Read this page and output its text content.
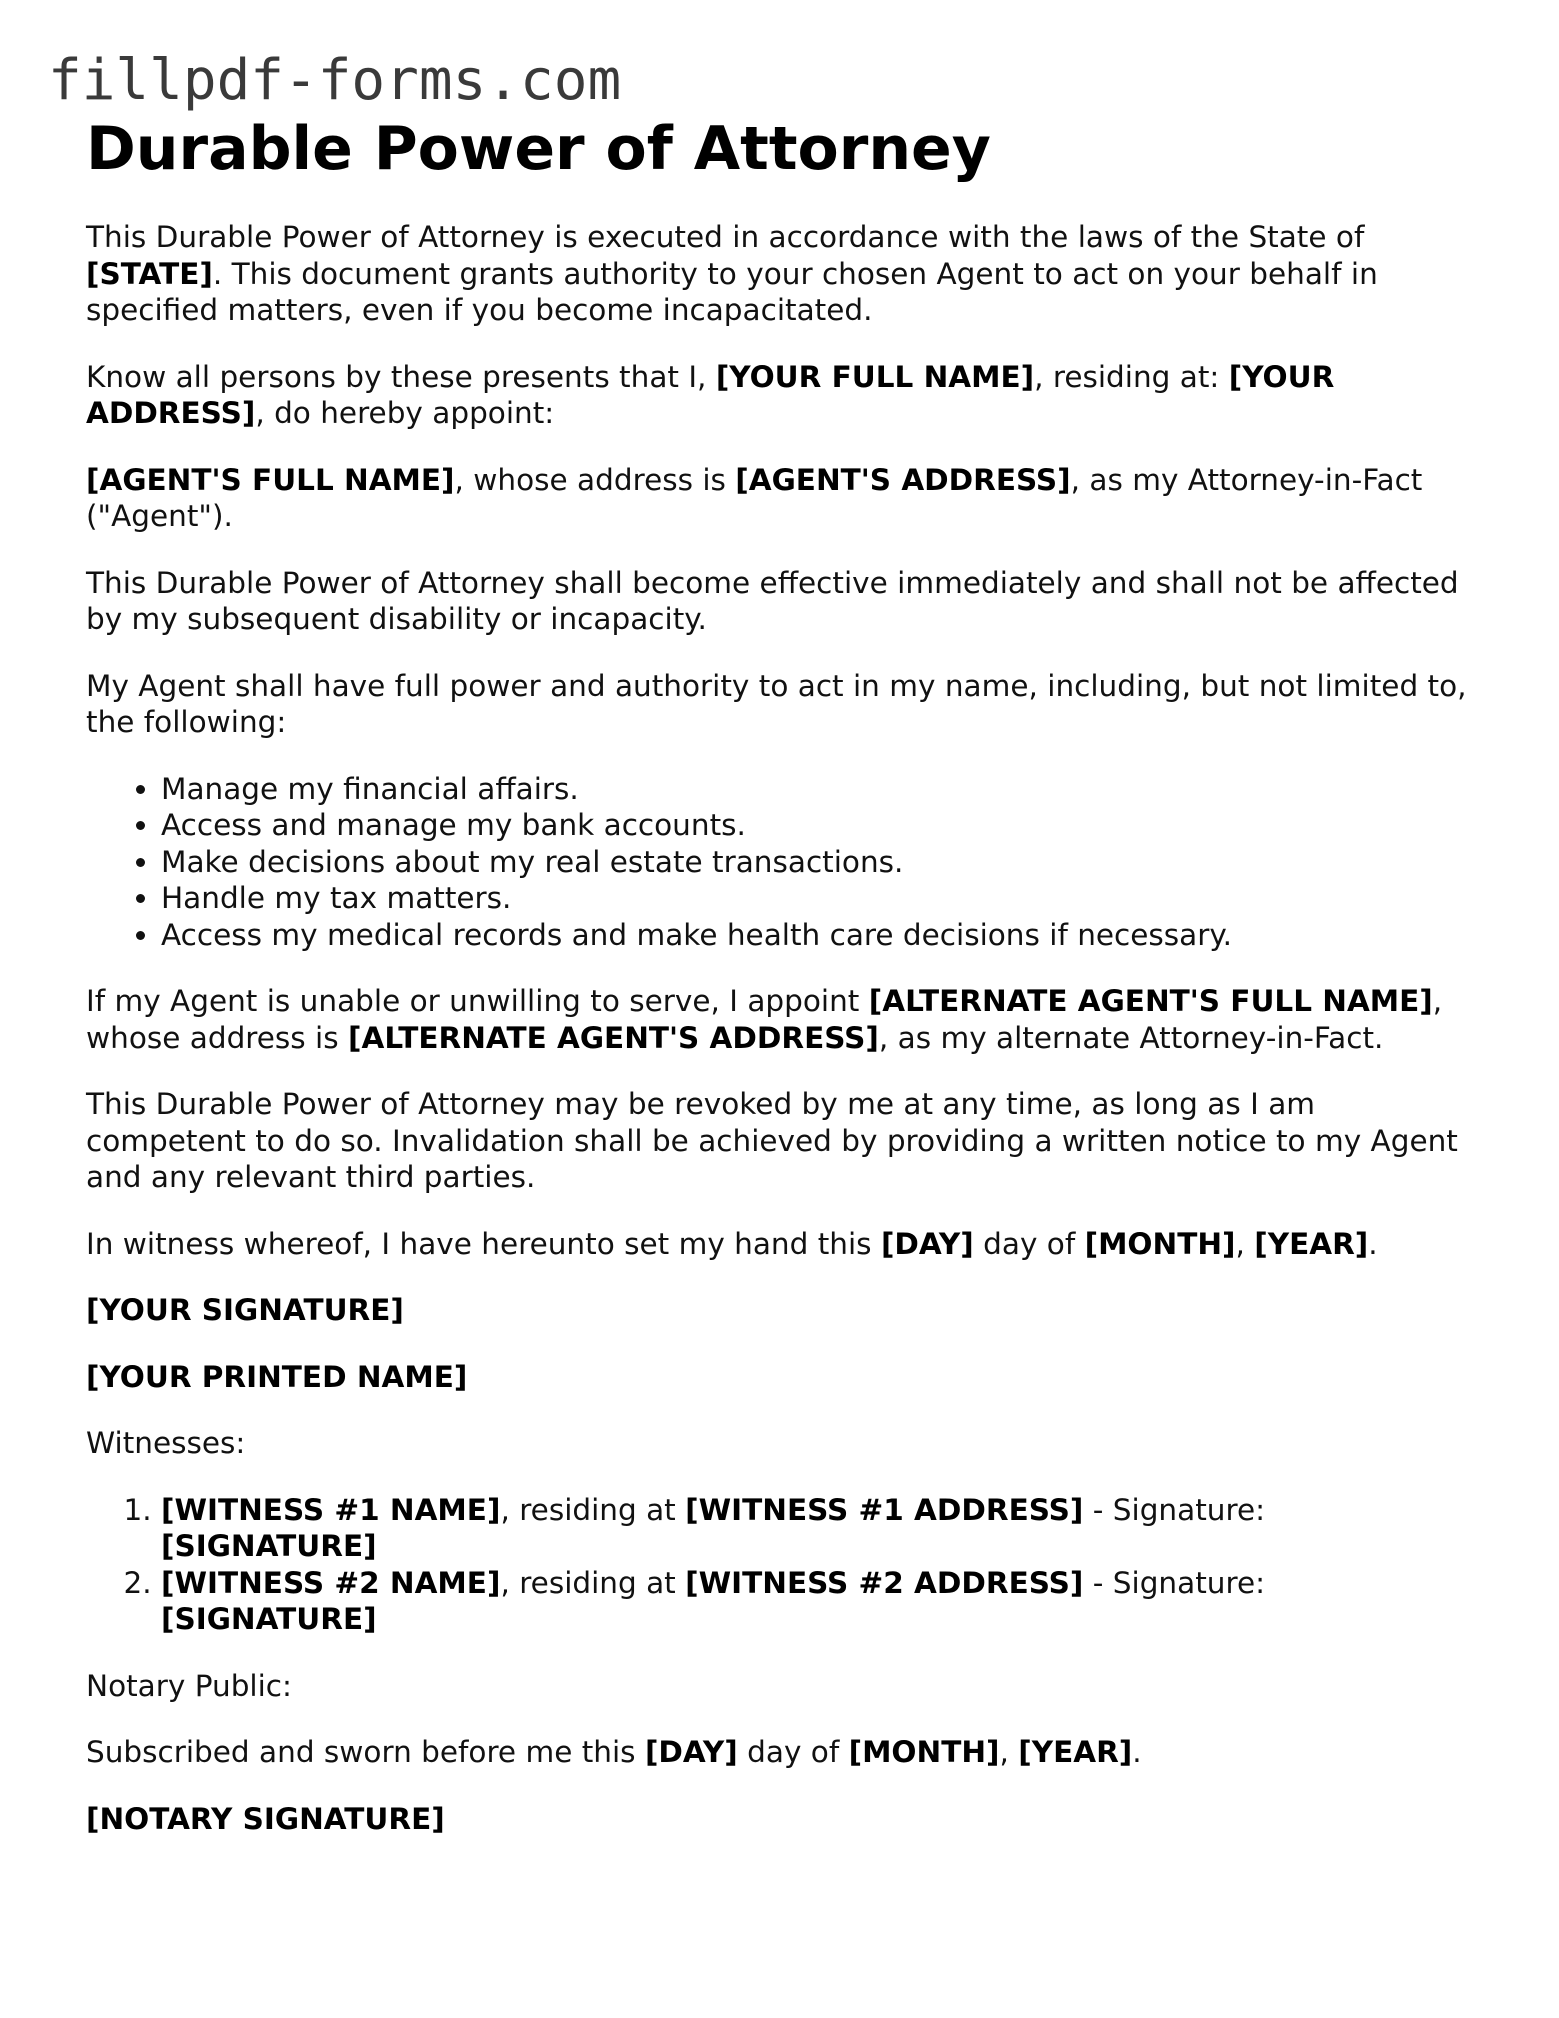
fillpdf-forms.com
Durable Power of Attorney

This Durable Power of Attorney is executed in accordance with the laws of the State of [STATE]. This document grants authority to your chosen Agent to act on your behalf in specified matters, even if you become incapacitated.

Know all persons by these presents that I, [YOUR FULL NAME], residing at: [YOUR ADDRESS], do hereby appoint:

[AGENT'S FULL NAME], whose address is [AGENT'S ADDRESS], as my Attorney-in-Fact ("Agent").

This Durable Power of Attorney shall become effective immediately and shall not be affected by my subsequent disability or incapacity.

My Agent shall have full power and authority to act in my name, including, but not limited to, the following:

• Manage my financial affairs.
• Access and manage my bank accounts.
• Make decisions about my real estate transactions.
• Handle my tax matters.
• Access my medical records and make health care decisions if necessary.

If my Agent is unable or unwilling to serve, I appoint [ALTERNATE AGENT'S FULL NAME], whose address is [ALTERNATE AGENT'S ADDRESS], as my alternate Attorney-in-Fact.

This Durable Power of Attorney may be revoked by me at any time, as long as I am competent to do so. Invalidation shall be achieved by providing a written notice to my Agent and any relevant third parties.

In witness whereof, I have hereunto set my hand this [DAY] day of [MONTH], [YEAR].

[YOUR SIGNATURE]

[YOUR PRINTED NAME]

Witnesses:

1. [WITNESS #1 NAME], residing at [WITNESS #1 ADDRESS] - Signature: [SIGNATURE]
2. [WITNESS #2 NAME], residing at [WITNESS #2 ADDRESS] - Signature: [SIGNATURE]

Notary Public:

Subscribed and sworn before me this [DAY] day of [MONTH], [YEAR].

[NOTARY SIGNATURE]
